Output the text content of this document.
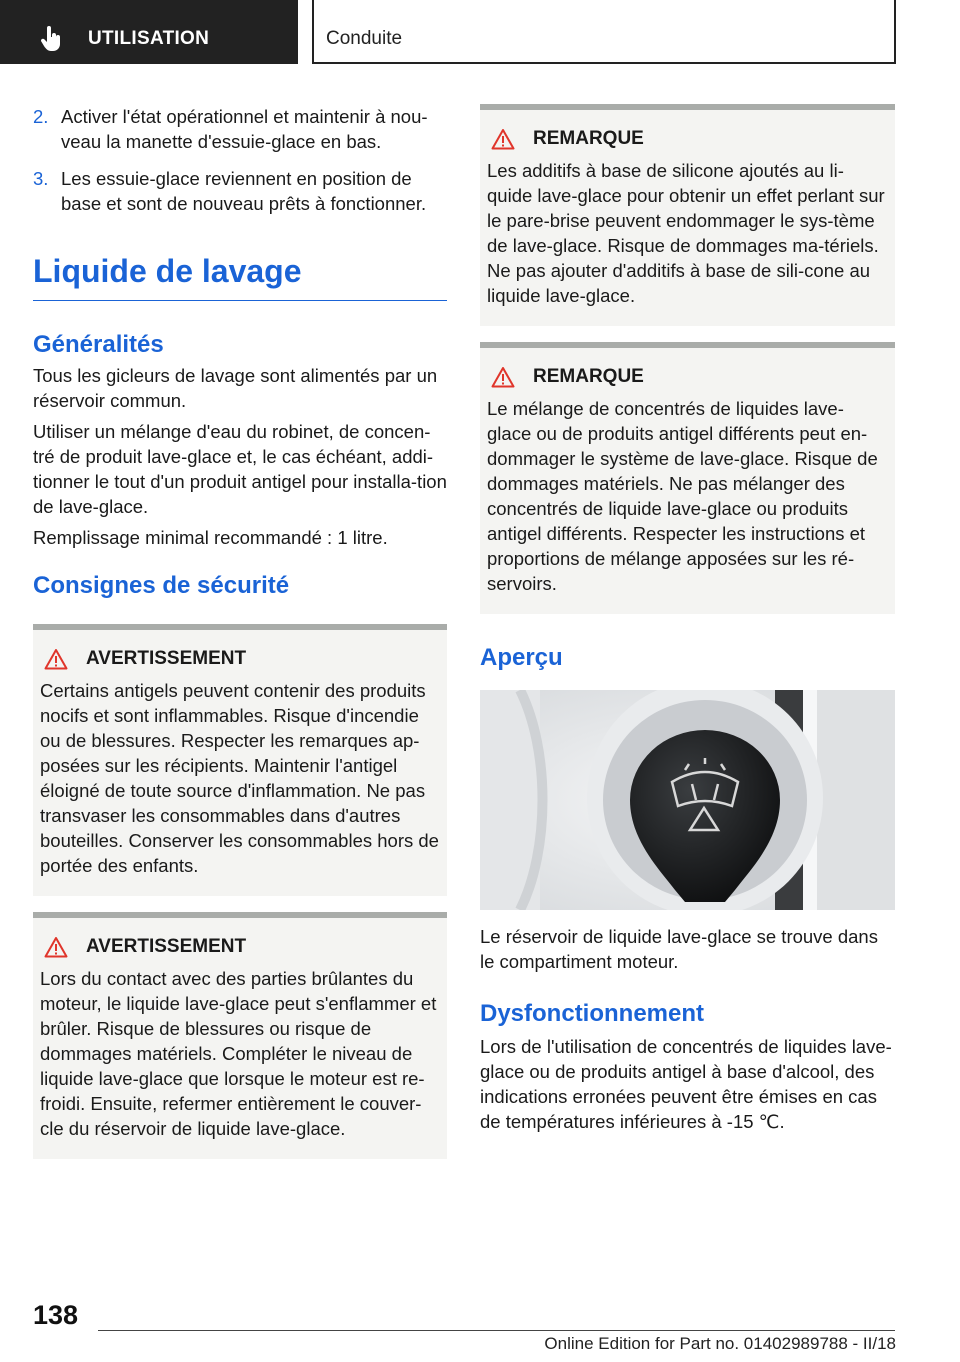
UTILISATION	Conduite
2. Activer l'état opérationnel et maintenir à nou-veau la manette d'essuie-glace en bas.
3. Les essuie-glace reviennent en position de base et sont de nouveau prêts à fonctionner.
Liquide de lavage
Généralités

Tous les gicleurs de lavage sont alimentés par un réservoir commun.

Utiliser un mélange d'eau du robinet, de concen-tré de produit lave-glace et, le cas échéant, addi-tionner le tout d'un produit antigel pour installa-tion de lave-glace.

Remplissage minimal recommandé : 1 litre.

Consignes de sécurité
AVERTISSEMENT

Certains antigels peuvent contenir des produits nocifs et sont inflammables. Risque d'incendie ou de blessures. Respecter les remarques ap-posées sur les récipients. Maintenir l'antigel éloigné de toute source d'inflammation. Ne pas transvaser les consommables dans d'autres bouteilles. Conserver les consommables hors de portée des enfants.

AVERTISSEMENT

Lors du contact avec des parties brûlantes du moteur, le liquide lave-glace peut s'enflammer et brûler. Risque de blessures ou risque de dommages matériels. Compléter le niveau de liquide lave-glace que lorsque le moteur est re-froidi. Ensuite, refermer entièrement le couver-cle du réservoir de liquide lave-glace.

REMARQUE

Les additifs à base de silicone ajoutés au li-quide lave-glace pour obtenir un effet perlant sur le pare-brise peuvent endommager le sys-tème de lave-glace. Risque de dommages ma-tériels. Ne pas ajouter d'additifs à base de sili-cone au liquide lave-glace.

REMARQUE

Le mélange de concentrés de liquides lave-glace ou de produits antigel différents peut en-dommager le système de lave-glace. Risque de dommages matériels. Ne pas mélanger des concentrés de liquide lave-glace ou produits antigel différents. Respecter les instructions et proportions de mélange apposées sur les ré-servoirs.

Aperçu

Le réservoir de liquide lave-glace se trouve dans le compartiment moteur.

Dysfonctionnement

Lors de l'utilisation de concentrés de liquides lave-glace ou de produits antigel à base d'alcool, des indications erronées peuvent être émises en cas de températures inférieures à -15 ℃.

138
Online Edition for Part no. 01402989788 - II/18
